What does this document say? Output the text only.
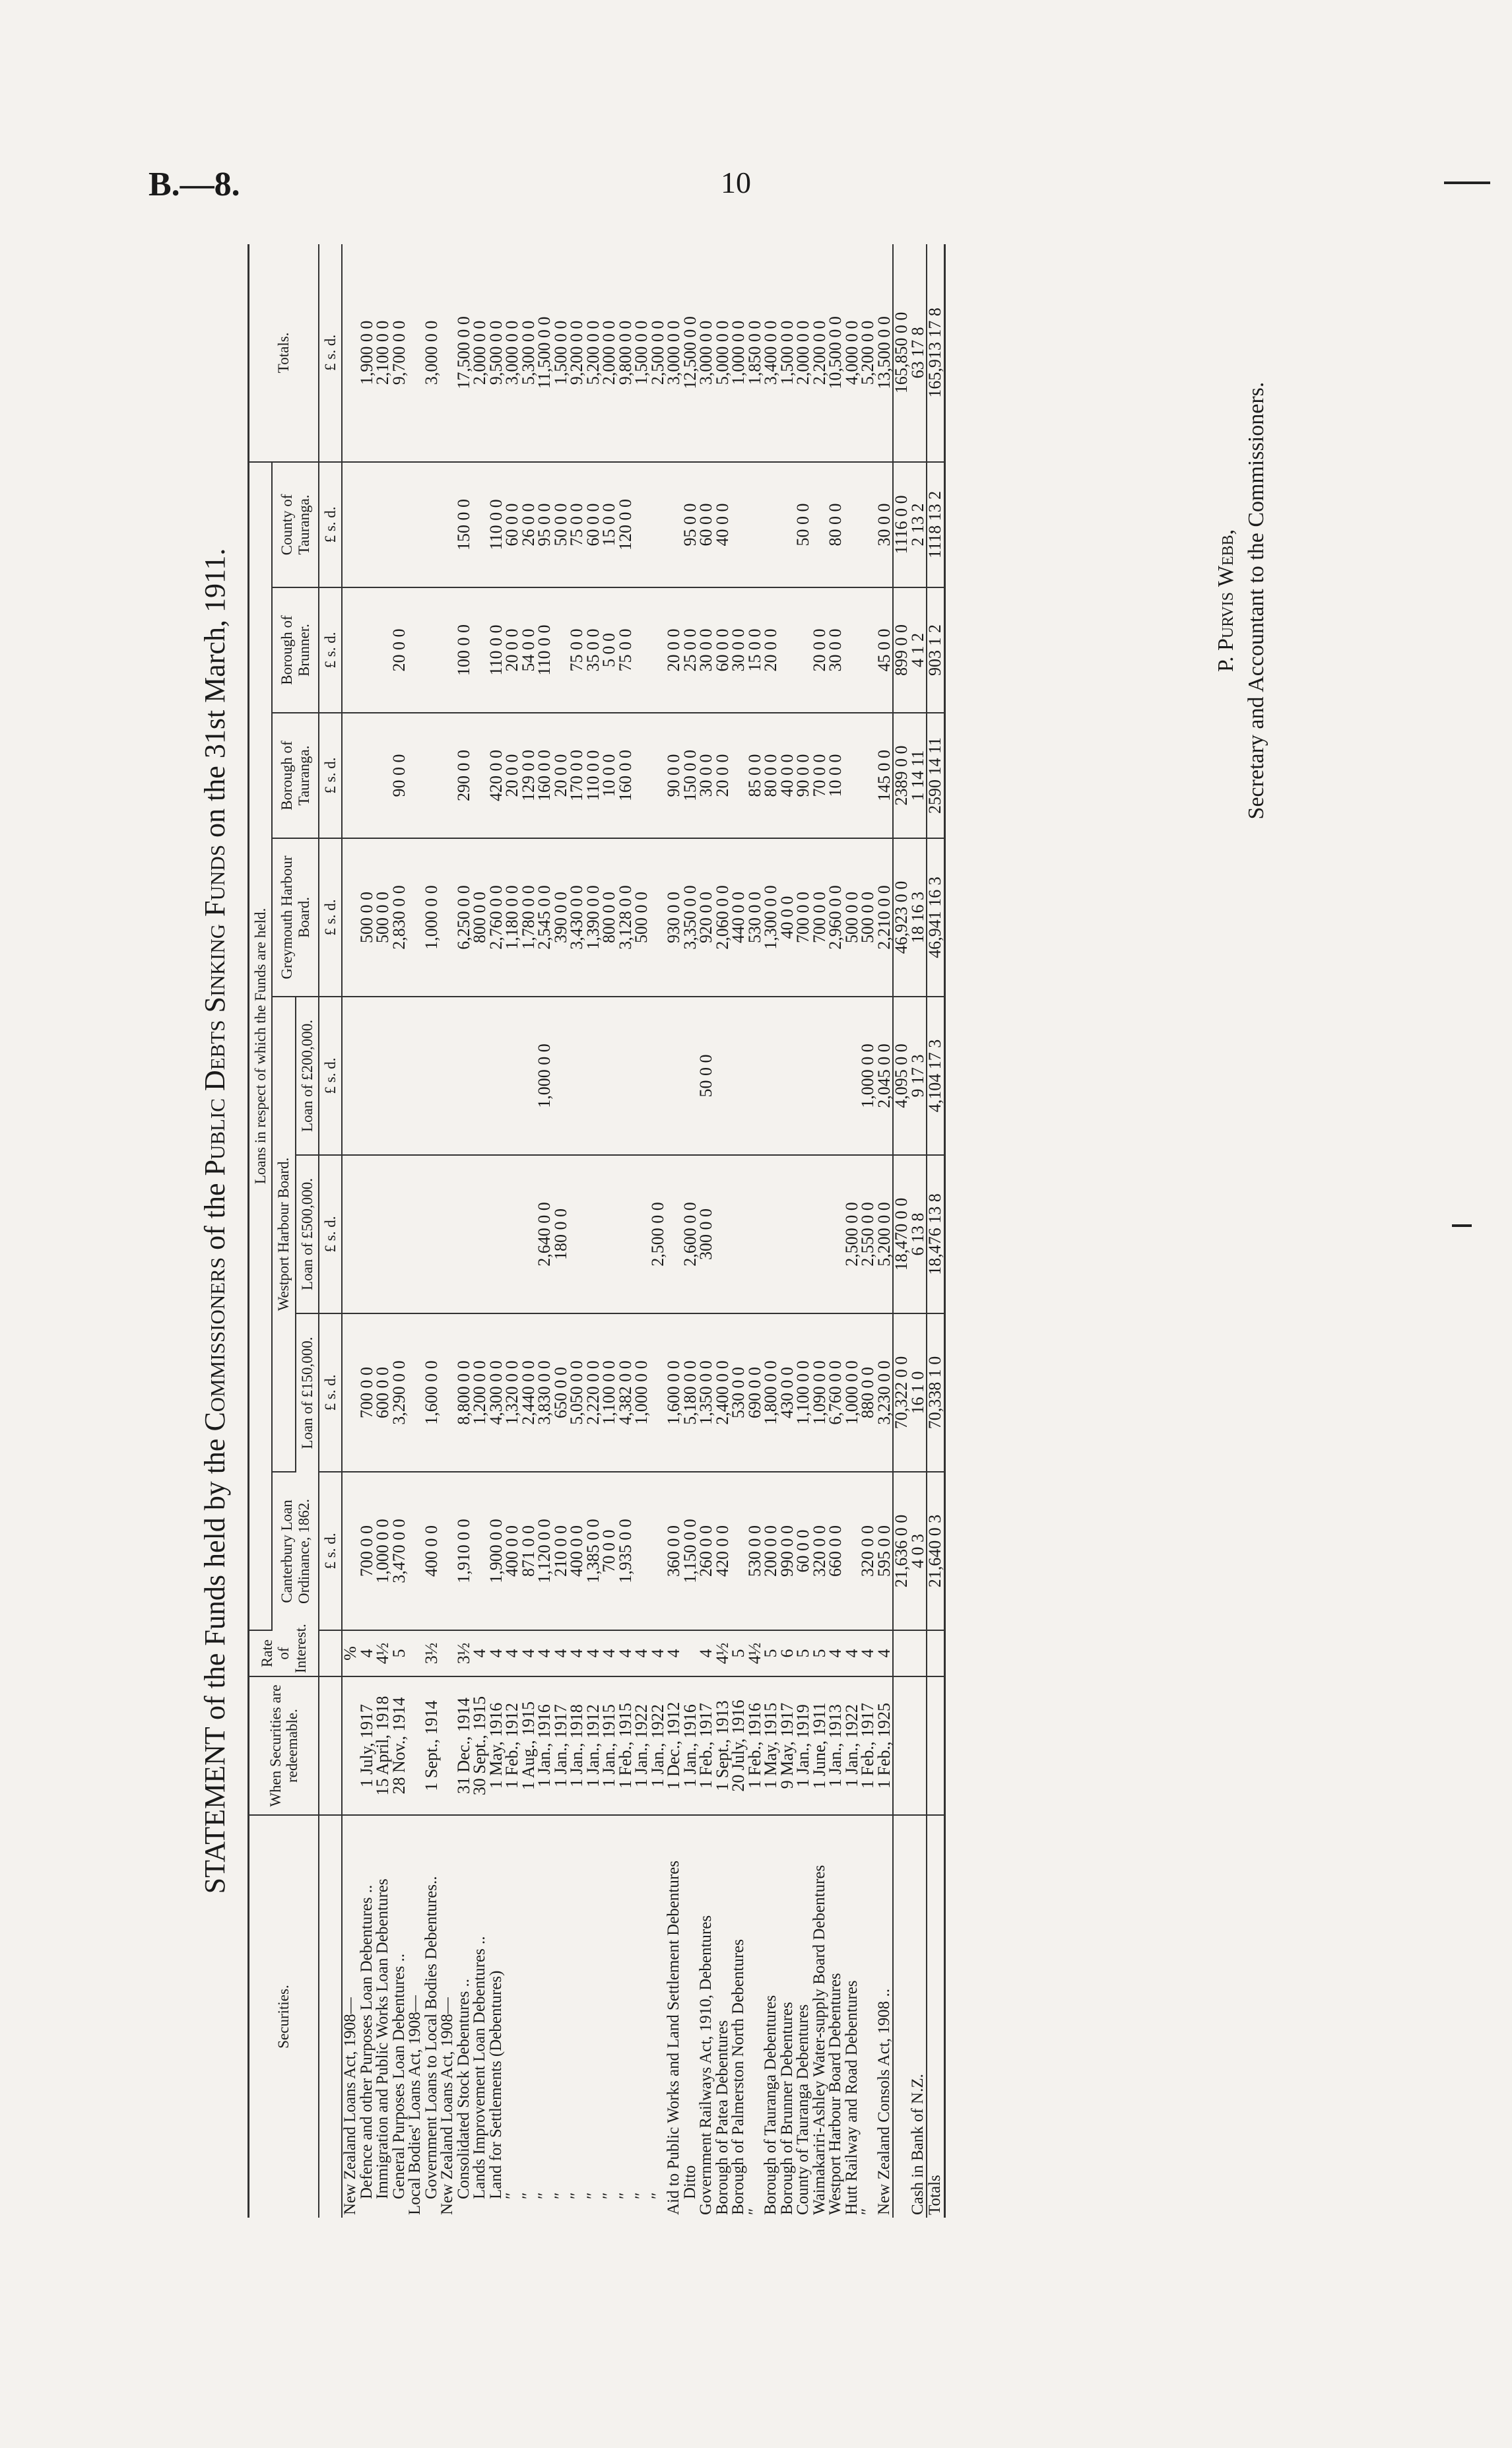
B.—8.	10
STATEMENT of the Funds held by the Commissioners of the Public Debts Sinking Funds on the 31st March, 1911.
Securities.	When Securities are redeemable.	Rate of Interest.	Loans in respect of which the Funds are held.								Totals.
			Canterbury Loan Ordinance, 1862.	Westport Harbour Board.			Greymouth Harbour Board.	Borough of Tauranga.	Borough of Brunner.	County of Tauranga.	
				Loan of £150,000.	Loan of £500,000.	Loan of £200,000.					
			£ s. d.	£ s. d.	£ s. d.	£ s. d.	£ s. d.	£ s. d.	£ s. d.	£ s. d.	£ s. d.
New Zealand Loans Act, 1908—		%									
Defence and other Purposes Loan Debentures ..	1 July, 1917	4	700 0 0	700 0 0			500 0 0				1,900 0 0
Immigration and Public Works Loan Debentures	15 April, 1918	4½	1,000 0 0	600 0 0			500 0 0				2,100 0 0
General Purposes Loan Debentures ..	28 Nov., 1914	5	3,470 0 0	3,290 0 0			2,830 0 0	90 0 0	20 0 0		9,700 0 0
Local Bodies' Loans Act, 1908—											
Government Loans to Local Bodies Debentures..	1 Sept., 1914	3½	400 0 0	1,600 0 0			1,000 0 0				3,000 0 0
New Zealand Loans Act, 1908—											
Consolidated Stock Debentures ..	31 Dec., 1914	3½	1,910 0 0	8,800 0 0			6,250 0 0	290 0 0	100 0 0	150 0 0	17,500 0 0
Lands Improvement Loan Debentures ..	30 Sept., 1915	4		1,200 0 0			800 0 0				2,000 0 0
Land for Settlements (Debentures)	1 May, 1916	4	1,900 0 0	4,300 0 0			2,760 0 0	420 0 0	110 0 0	110 0 0	9,500 0 0
″	1 Feb., 1912	4	400 0 0	1,320 0 0			1,180 0 0	20 0 0	20 0 0	60 0 0	3,000 0 0
″	1 Aug., 1915	4	871 0 0	2,440 0 0			1,780 0 0	129 0 0	54 0 0	26 0 0	5,300 0 0
″	1 Jan., 1916	4	1,120 0 0	3,830 0 0	2,640 0 0	1,000 0 0	2,545 0 0	160 0 0	110 0 0	95 0 0	11,500 0 0
″	1 Jan., 1917	4	210 0 0	650 0 0	180 0 0		390 0 0	20 0 0		50 0 0	1,500 0 0
″	1 Jan., 1918	4	400 0 0	5,050 0 0			3,430 0 0	170 0 0	75 0 0	75 0 0	9,200 0 0
″	1 Jan., 1912	4	1,385 0 0	2,220 0 0			1,390 0 0	110 0 0	35 0 0	60 0 0	5,200 0 0
″	1 Jan., 1915	4	70 0 0	1,100 0 0			800 0 0	10 0 0	5 0 0	15 0 0	2,000 0 0
″	1 Feb., 1915	4	1,935 0 0	4,382 0 0			3,128 0 0	160 0 0	75 0 0	120 0 0	9,800 0 0
″	1 Jan., 1922	4		1,000 0 0			500 0 0				1,500 0 0
″	1 Jan., 1922	4			2,500 0 0						2,500 0 0
Aid to Public Works and Land Settlement Debentures	1 Dec., 1912	4	360 0 0	1,600 0 0			930 0 0	90 0 0	20 0 0		3,000 0 0
Ditto	1 Jan., 1916		1,150 0 0	5,180 0 0	2,600 0 0		3,350 0 0	150 0 0	25 0 0	95 0 0	12,500 0 0
Government Railways Act, 1910, Debentures	1 Feb., 1917	4	260 0 0	1,350 0 0	300 0 0	50 0 0	920 0 0	30 0 0	30 0 0	60 0 0	3,000 0 0
Borough of Patea Debentures	1 Sept., 1913	4½	420 0 0	2,400 0 0			2,060 0 0	20 0 0	60 0 0	40 0 0	5,000 0 0
Borough of Palmerston North Debentures	20 July, 1916	5		530 0 0			440 0 0		30 0 0		1,000 0 0
″	1 Feb., 1916	4½	530 0 0	690 0 0			530 0 0	85 0 0	15 0 0		1,850 0 0
Borough of Tauranga Debentures	1 May, 1915	5	200 0 0	1,800 0 0			1,300 0 0	80 0 0	20 0 0		3,400 0 0
Borough of Brunner Debentures	9 May, 1917	6	990 0 0	430 0 0			40 0 0	40 0 0			1,500 0 0
County of Tauranga Debentures	1 Jan., 1919	5	60 0 0	1,100 0 0			700 0 0	90 0 0		50 0 0	2,000 0 0
Waimakariri-Ashley Water-supply Board Debentures	1 June, 1911	5	320 0 0	1,090 0 0			700 0 0	70 0 0	20 0 0		2,200 0 0
Westport Harbour Board Debentures	1 Jan., 1913	4	660 0 0	6,760 0 0			2,960 0 0	10 0 0	30 0 0	80 0 0	10,500 0 0
Hutt Railway and Road Debentures	1 Jan., 1922	4		1,000 0 0	2,500 0 0		500 0 0				4,000 0 0
″	1 Feb., 1917	4	320 0 0	880 0 0	2,550 0 0	1,000 0 0	500 0 0				5,200 0 0
New Zealand Consols Act, 1908 ..	1 Feb., 1925	4	595 0 0	3,230 0 0	5,200 0 0	2,045 0 0	2,210 0 0	145 0 0	45 0 0	30 0 0	13,500 0 0
			21,636 0 0	70,322 0 0	18,470 0 0	4,095 0 0	46,923 0 0	2389 0 0	899 0 0	1116 0 0	165,850 0 0
Cash in Bank of N.Z.			4 0 3	16 1 0	6 13 8	9 17 3	18 16 3	1 14 11	4 1 2	2 13 2	63 17 8
Totals			21,640 0 3	70,338 1 0	18,476 13 8	4,104 17 3	46,941 16 3	2590 14 11	903 1 2	1118 13 2	165,913 17 8
P. Purvis Webb, Secretary and Accountant to the Commissioners.
